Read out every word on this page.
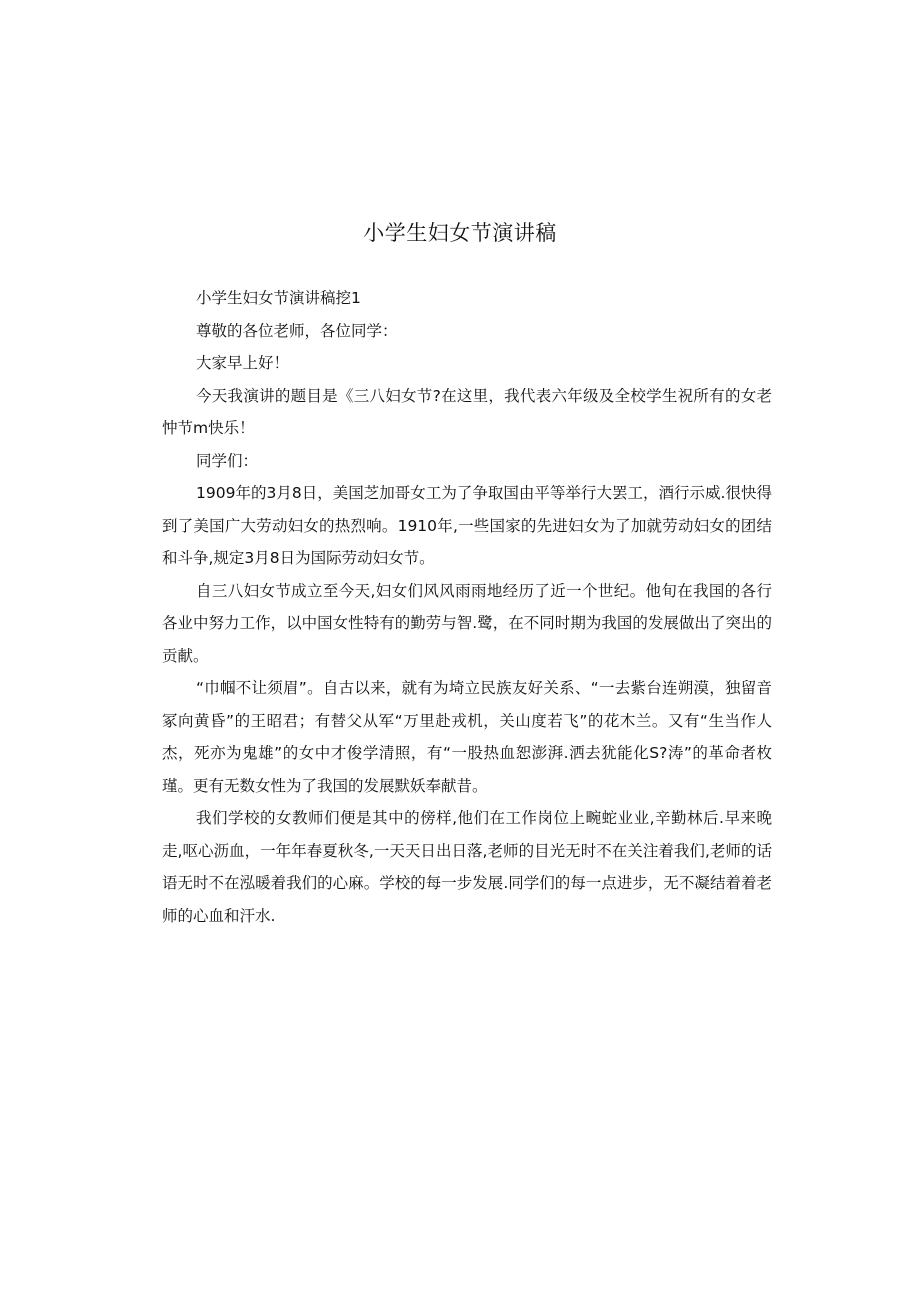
小学生妇女节演讲稿

小学生妇女节演讲稿挖1

尊敬的各位老师，各位同学：

大家早上好！

今天我演讲的题目是《三八妇女节?在这里，我代表六年级及全校学生祝所有的女老忡节m快乐！

同学们：

1909年的3月8日，美国芝加哥女工为了争取国由平等举行大罢工，酒行示威.很快得到了美国广大劳动妇女的热烈响。1910年,一些国家的先进妇女为了加就劳动妇女的团结和斗争,规定3月8日为国际劳动妇女节。

自三八妇女节成立至今天,妇女们风风雨雨地经历了近一个世纪。他旬在我国的各行各业中努力工作，以中国女性特有的勤劳与智.鹭，在不同时期为我国的发展做出了突出的贡献。

“巾帼不让须眉”。自古以来，就有为埼立民族友好关系、“一去紫台连朔漠，独留音冢向黄昏”的王昭君；有替父从军“万里赴戎机，关山度若飞”的花木兰。又有“生当作人杰，死亦为鬼雄”的女中才俊学清照，有“一股热血恕澎湃.洒去犹能化S?涛”的革命者枚瑾。更有无数女性为了我国的发展默妖奉献昔。

我们学校的女教师们便是其中的傍样,他们在工作岗位上畹蛇业业,辛勤林后.早来晚走,呕心沥血，一年年春夏秋冬,一天天日出日落,老师的目光无时不在关注着我们,老师的话语无时不在泓暖着我们的心麻。学校的每一步发展.同学们的每一点进步，无不凝结着着老师的心血和汗水.
